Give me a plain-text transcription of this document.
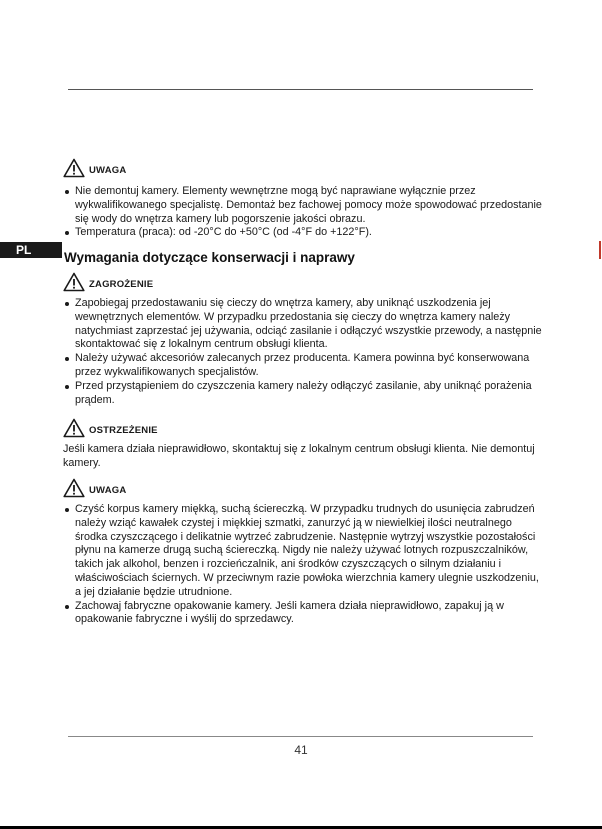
PL
UWAGA
Nie demontuj kamery. Elementy wewnętrzne mogą być naprawiane wyłącznie przez wykwalifikowanego specjalistę. Demontaż bez fachowej pomocy może spowodować przedostanie się wody do wnętrza kamery lub pogorszenie jakości obrazu.
Temperatura (praca): od -20°C do +50°C (od -4°F do +122°F).
Wymagania dotyczące konserwacji i naprawy
ZAGROŻENIE
Zapobiegaj przedostawaniu się cieczy do wnętrza kamery, aby uniknąć uszkodzenia jej wewnętrznych elementów. W przypadku przedostania się cieczy do wnętrza kamery należy natychmiast zaprzestać jej używania, odciąć zasilanie i odłączyć wszystkie przewody, a następnie skontaktować się z lokalnym centrum obsługi klienta.
Należy używać akcesoriów zalecanych przez producenta. Kamera powinna być konserwowana przez wykwalifikowanych specjalistów.
Przed przystąpieniem do czyszczenia kamery należy odłączyć zasilanie, aby uniknąć porażenia prądem.
OSTRZEŻENIE

Jeśli kamera działa nieprawidłowo, skontaktuj się z lokalnym centrum obsługi klienta. Nie demontuj kamery.

UWAGA
Czyść korpus kamery miękką, suchą ściereczką. W przypadku trudnych do usunięcia zabrudzeń należy wziąć kawałek czystej i miękkiej szmatki, zanurzyć ją w niewielkiej ilości neutralnego środka czyszczącego i delikatnie wytrzeć zabrudzenie. Następnie wytrzyj wszystkie pozostałości płynu na kamerze drugą suchą ściereczką. Nigdy nie należy używać lotnych rozpuszczalników, takich jak alkohol, benzen i rozcieńczalnik, ani środków czyszczących o silnym działaniu i właściwościach ściernych. W przeciwnym razie powłoka wierzchnia kamery ulegnie uszkodzeniu, a jej działanie będzie utrudnione.
Zachowaj fabryczne opakowanie kamery. Jeśli kamera działa nieprawidłowo, zapakuj ją w opakowanie fabryczne i wyślij do sprzedawcy.
41
